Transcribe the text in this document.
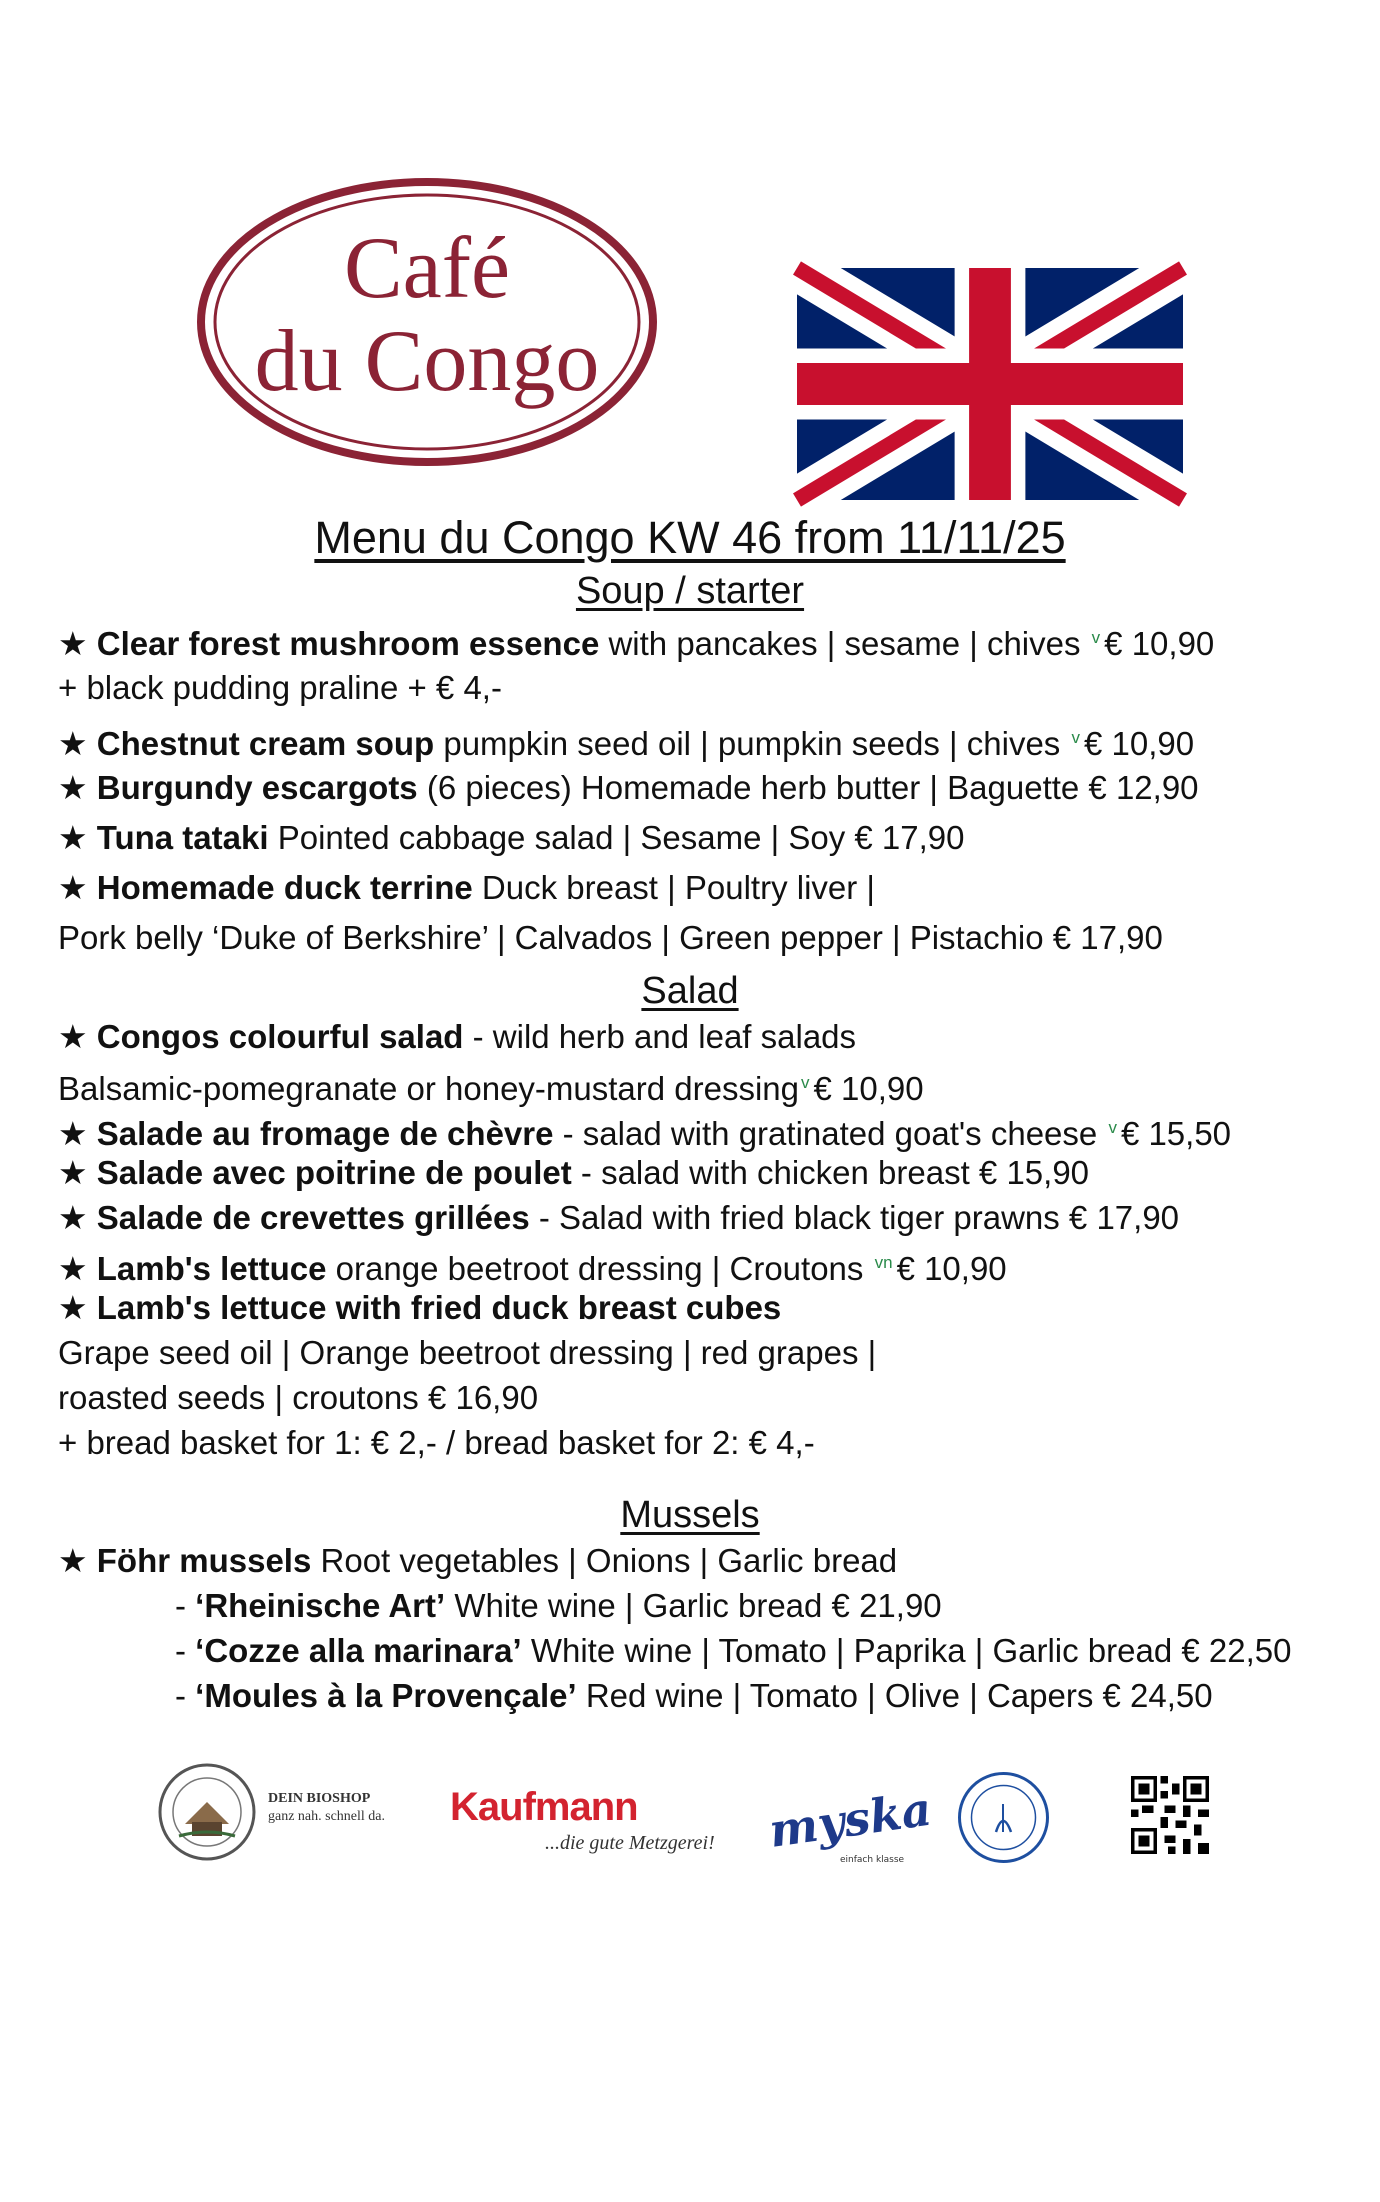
Café
du Congo
Menu du Congo KW 46 from 11/11/25
Soup / starter
★ Clear forest mushroom essence with pancakes | sesame | chives $^v$ € 10,90
+ black pudding praline + € 4,-
★ Chestnut cream soup pumpkin seed oil | pumpkin seeds | chives $^v$ € 10,90
★ Burgundy escargots (6 pieces) Homemade herb butter | Baguette € 12,90
★ Tuna tataki Pointed cabbage salad | Sesame | Soy € 17,90
★ Homemade duck terrine Duck breast | Poultry liver |
Pork belly ‘Duke of Berkshire’ | Calvados | Green pepper | Pistachio € 17,90
Salad
★ Congos colourful salad - wild herb and leaf salads
Balsamic-pomegranate or honey-mustard dressing $^v$ € 10,90
★ Salade au fromage de chèvre - salad with gratinated goat's cheese $^v$ € 15,50
★ Salade avec poitrine de poulet - salad with chicken breast € 15,90
★ Salade de crevettes grillées - Salad with fried black tiger prawns € 17,90
★ Lamb's lettuce orange beetroot dressing | Croutons $^{vn}$ € 10,90
★ Lamb's lettuce with fried duck breast cubes
Grape seed oil | Orange beetroot dressing | red grapes |
roasted seeds | croutons € 16,90
+ bread basket for 1: € 2,- / bread basket for 2: € 4,-
Mussels
★ Föhr mussels Root vegetables | Onions | Garlic bread
- ‘Rheinische Art’ White wine | Garlic bread € 21,90
- ‘Cozze alla marinara’ White wine | Tomato | Paprika | Garlic bread € 22,50
- ‘Moules à la Provençale’ Red wine | Tomato | Olive | Capers € 24,50
DEIN BIOSHOP
ganz nah. schnell da. Kaufmann
...die gute Metzgerei! myska
einfach klasse
